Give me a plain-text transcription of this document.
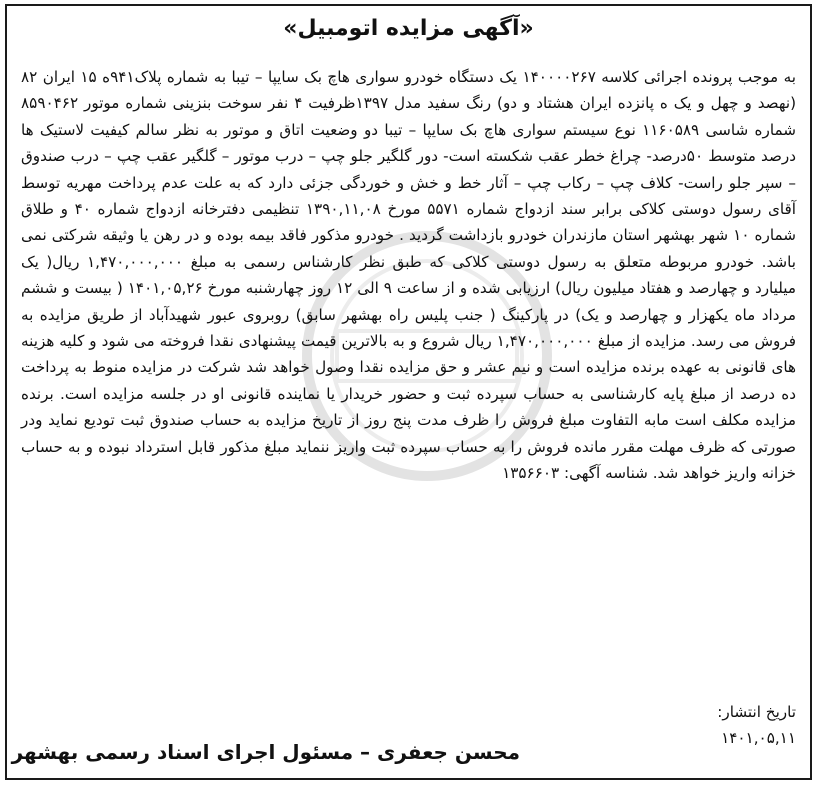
«آگهی مزایده اتومبیل»
به موجب پرونده اجرائی کلاسه ۱۴۰۰۰۰۲۶۷ یک دستگاه خودرو سواری هاچ بک سایپا – تیبا به شماره پلاک۹۴۱ه ۱۵ ایران ۸۲ (نهصد و چهل و یک ه پانزده ایران هشتاد و دو) رنگ سفید مدل ۱۳۹۷ظرفیت ۴ نفر سوخت بنزینی شماره موتور ۸۵۹۰۴۶۲ شماره شاسی ۱۱۶۰۵۸۹ نوع سیستم سواری هاچ بک سایپا – تیبا دو وضعیت اتاق و موتور به نظر سالم کیفیت لاستیک ها درصد متوسط ۵۰درصد- چراغ خطر عقب شکسته است- دور گلگیر جلو چپ – درب موتور – گلگیر عقب چپ – درب صندوق – سپر جلو راست- کلاف چپ – رکاب چپ – آثار خط و خش و خوردگی جزئی دارد که به علت عدم پرداخت مهریه توسط آقای رسول دوستی کلاکی برابر سند ازدواج شماره ۵۵۷۱ مورخ ۱۳۹۰,۱۱,۰۸ تنظیمی دفترخانه ازدواج شماره ۴۰ و طلاق شماره ۱۰ شهر بهشهر استان مازندران خودرو بازداشت گردید . خودرو مذکور فاقد بیمه بوده و در رهن یا وثیقه شرکتی نمی باشد. خودرو مربوطه متعلق به رسول دوستی کلاکی که طبق نظر کارشناس رسمی به مبلغ ۱,۴۷۰,۰۰۰,۰۰۰ ریال( یک میلیارد و چهارصد و هفتاد میلیون ریال) ارزیابی شده و از ساعت ۹ الی ۱۲ روز چهارشنبه مورخ ۱۴۰۱,۰۵,۲۶ ( بیست و ششم مرداد ماه یکهزار و چهارصد و یک) در پارکینگ ( جنب پلیس راه بهشهر سابق) روبروی عبور شهیدآباد از طریق مزایده به فروش می رسد. مزایده از مبلغ ۱,۴۷۰,۰۰۰,۰۰۰ ریال شروع و به بالاترین قیمت پیشنهادی نقدا فروخته می شود و کلیه هزینه های قانونی به عهده برنده مزایده است و نیم عشر و حق مزایده نقدا وصول خواهد شد شرکت در مزایده منوط به پرداخت ده درصد از مبلغ پایه کارشناسی به حساب سپرده ثبت و حضور خریدار یا نماینده قانونی او در جلسه مزایده است. برنده مزایده مکلف است مابه التفاوت مبلغ فروش را ظرف مدت پنج روز از تاریخ مزایده به حساب صندوق ثبت تودیع نماید ودر صورتی که ظرف مهلت مقرر مانده فروش را به حساب سپرده ثبت واریز ننماید مبلغ مذکور قابل استرداد نبوده و به حساب خزانه واریز خواهد شد. شناسه آگهی: ۱۳۵۶۶۰۳
تاریخ انتشار:
۱۴۰۱,۰۵,۱۱
محسن جعفری – مسئول اجرای اسناد رسمی بهشهر
